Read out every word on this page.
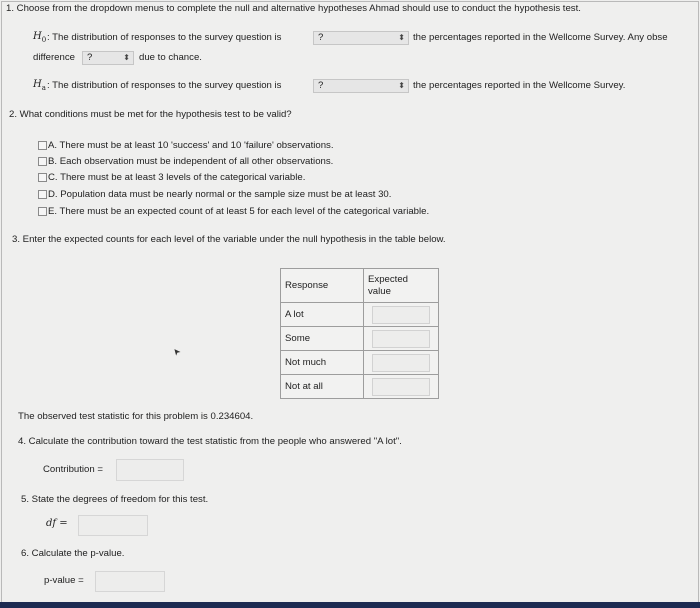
1. Choose from the dropdown menus to complete the null and alternative hypotheses Ahmad should use to conduct the hypothesis test.
$H_0$ : The distribution of responses to the survey question is	?	⬍ the percentages reported in the Wellcome Survey. Any obse
difference	?	⬍ due to chance.
$H_a$ : The distribution of responses to the survey question is	?	⬍ the percentages reported in the Wellcome Survey.
2. What conditions must be met for the hypothesis test to be valid?
A. There must be at least 10 'success' and 10 'failure' observations.
B. Each observation must be independent of all other observations.
C. There must be at least 3 levels of the categorical variable.
D. Population data must be nearly normal or the sample size must be at least 30.
E. There must be an expected count of at least 5 for each level of the categorical variable.
3. Enter the expected counts for each level of the variable under the null hypothesis in the table below.
Response	Expected
value
A lot	

Some	

Not much	

Not at all	
➤
The observed test statistic for this problem is 0.234604.
4. Calculate the contribution toward the test statistic from the people who answered "A lot".
Contribution =
5. State the degrees of freedom for this test.
df =
6. Calculate the p-value.
p-value =
